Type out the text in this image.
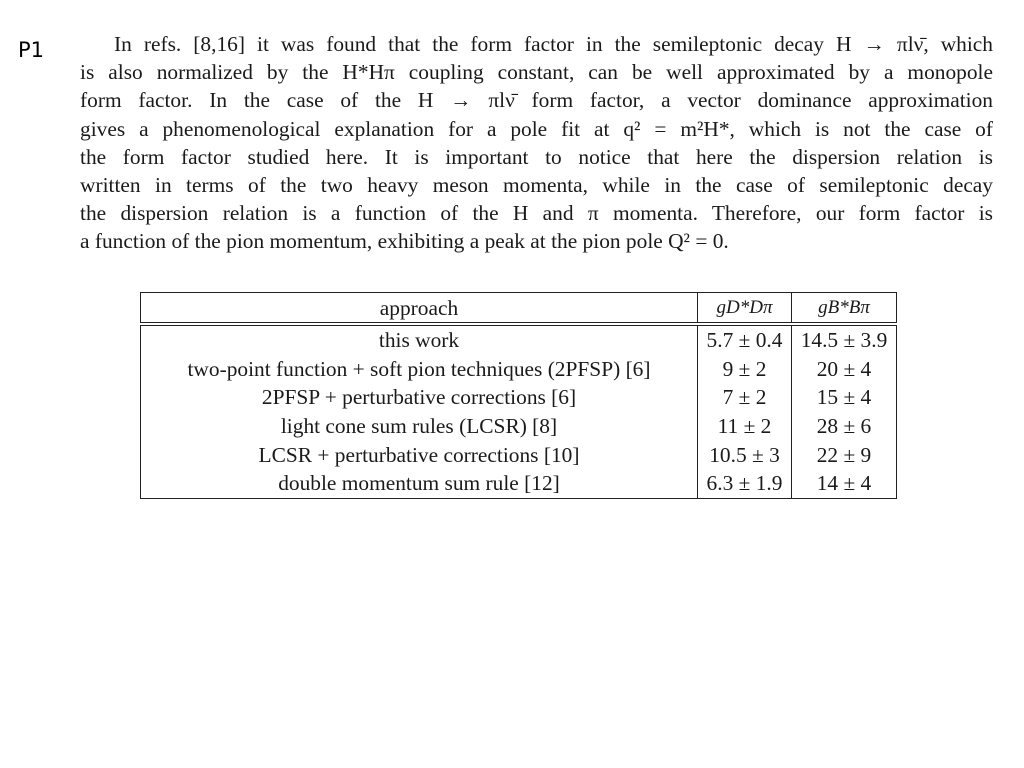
P1	In refs. [8,16] it was found that the form factor in the semileptonic decay H → πlν̄, which
is also normalized by the H*Hπ coupling constant, can be well approximated by a monopole
form factor. In the case of the H → πlν̄ form factor, a vector dominance approximation
gives a phenomenological explanation for a pole fit at q² = m²H*, which is not the case of
the form factor studied here. It is important to notice that here the dispersion relation is
written in terms of the two heavy meson momenta, while in the case of semileptonic decay
the dispersion relation is a function of the H and π momenta. Therefore, our form factor is
a function of the pion momentum, exhibiting a peak at the pion pole Q² = 0.
approach	gD*Dπ	gB*Bπ
this work	5.7 ± 0.4	14.5 ± 3.9
two-point function + soft pion techniques (2PFSP) [6]	9 ± 2	20 ± 4
2PFSP + perturbative corrections [6]	7 ± 2	15 ± 4
light cone sum rules (LCSR) [8]	11 ± 2	28 ± 6
LCSR + perturbative corrections [10]	10.5 ± 3	22 ± 9
double momentum sum rule [12]	6.3 ± 1.9	14 ± 4
